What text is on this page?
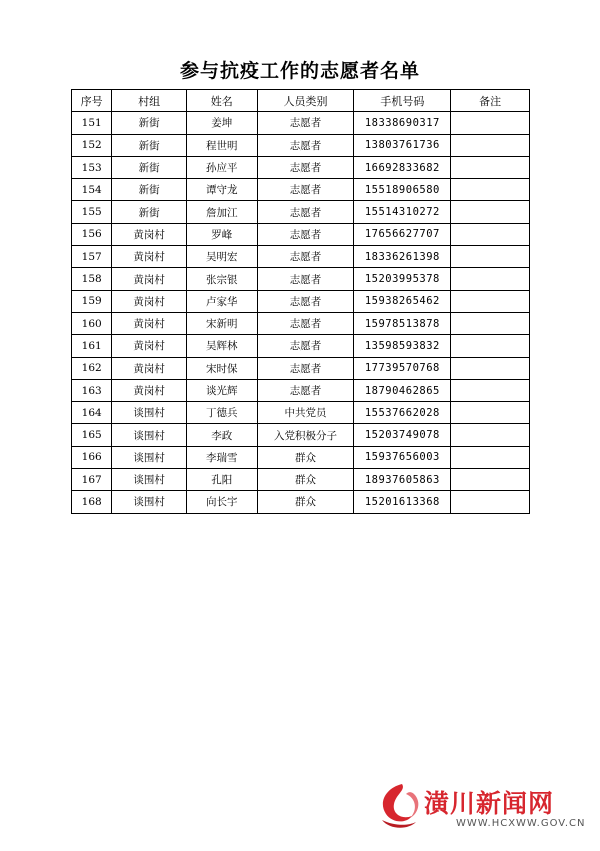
参与抗疫工作的志愿者名单
序号	村组	姓名	人员类别	手机号码	备注
151	新街	姜坤	志愿者	18338690317	
152	新街	程世明	志愿者	13803761736	
153	新街	孙应平	志愿者	16692833682	
154	新街	谭守龙	志愿者	15518906580	
155	新街	詹加江	志愿者	15514310272	
156	黄岗村	罗峰	志愿者	17656627707	
157	黄岗村	吴明宏	志愿者	18336261398	
158	黄岗村	张宗银	志愿者	15203995378	
159	黄岗村	卢家华	志愿者	15938265462	
160	黄岗村	宋新明	志愿者	15978513878	
161	黄岗村	吴辉林	志愿者	13598593832	
162	黄岗村	宋时保	志愿者	17739570768	
163	黄岗村	谈光辉	志愿者	18790462865	
164	谈围村	丁德兵	中共党员	15537662028	
165	谈围村	李政	入党积极分子	15203749078	
166	谈围村	李瑞雪	群众	15937656003	
167	谈围村	孔阳	群众	18937605863	
168	谈围村	向长宇	群众	15201613368	
潢川新闻网
WWW.HCXWW.GOV.CN
